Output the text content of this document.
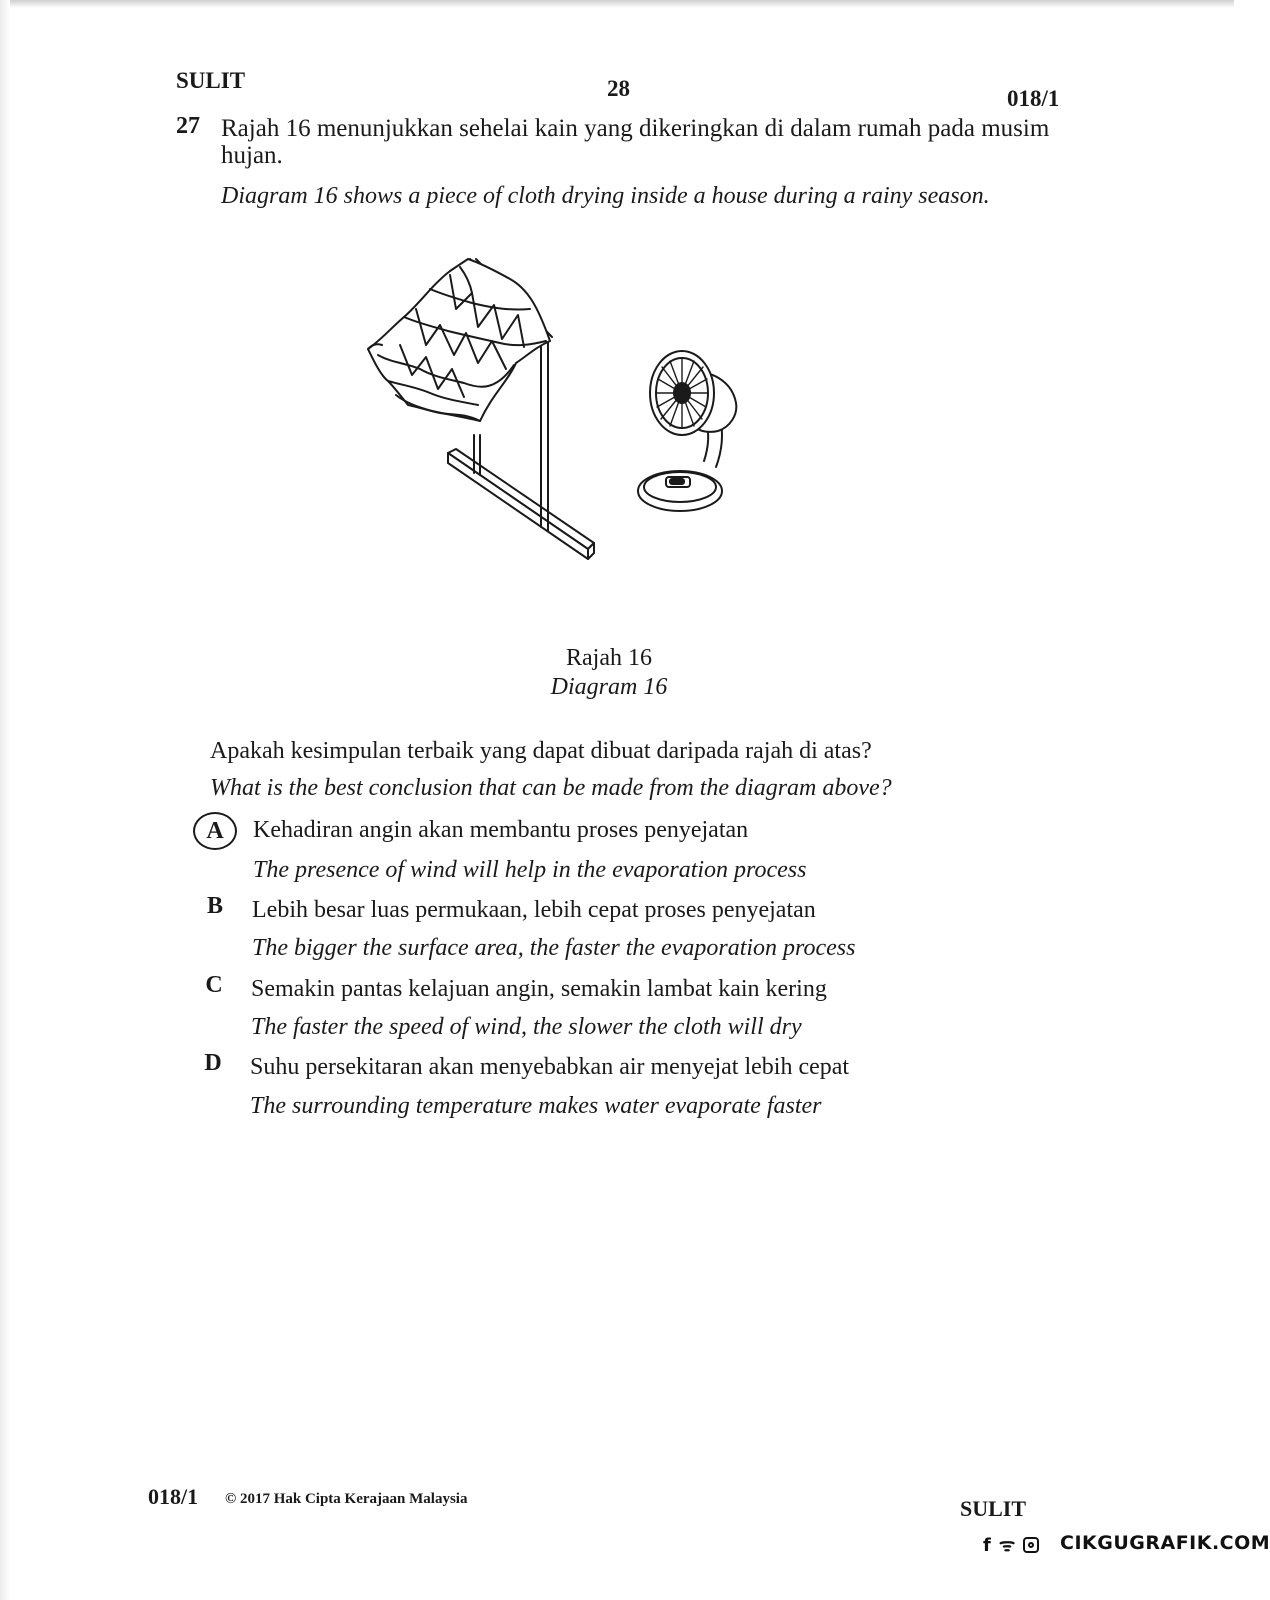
SULIT	28	018/1
27 Rajah 16 menunjukkan sehelai kain yang dikeringkan di dalam rumah pada musim hujan.
Diagram 16 shows a piece of cloth drying inside a house during a rainy season.
Rajah 16
Diagram 16
Apakah kesimpulan terbaik yang dapat dibuat daripada rajah di atas?
What is the best conclusion that can be made from the diagram above?
A	Kehadiran angin akan membantu proses penyejatan
The presence of wind will help in the evaporation process
B Lebih besar luas permukaan, lebih cepat proses penyejatan
The bigger the surface area, the faster the evaporation process
C Semakin pantas kelajuan angin, semakin lambat kain kering
The faster the speed of wind, the slower the cloth will dry
D Suhu persekitaran akan menyebabkan air menyejat lebih cepat
The surrounding temperature makes water evaporate faster
018/1 © 2017 Hak Cipta Kerajaan Malaysia	SULIT
f ᯤ CIKGUGRAFIK.COM
